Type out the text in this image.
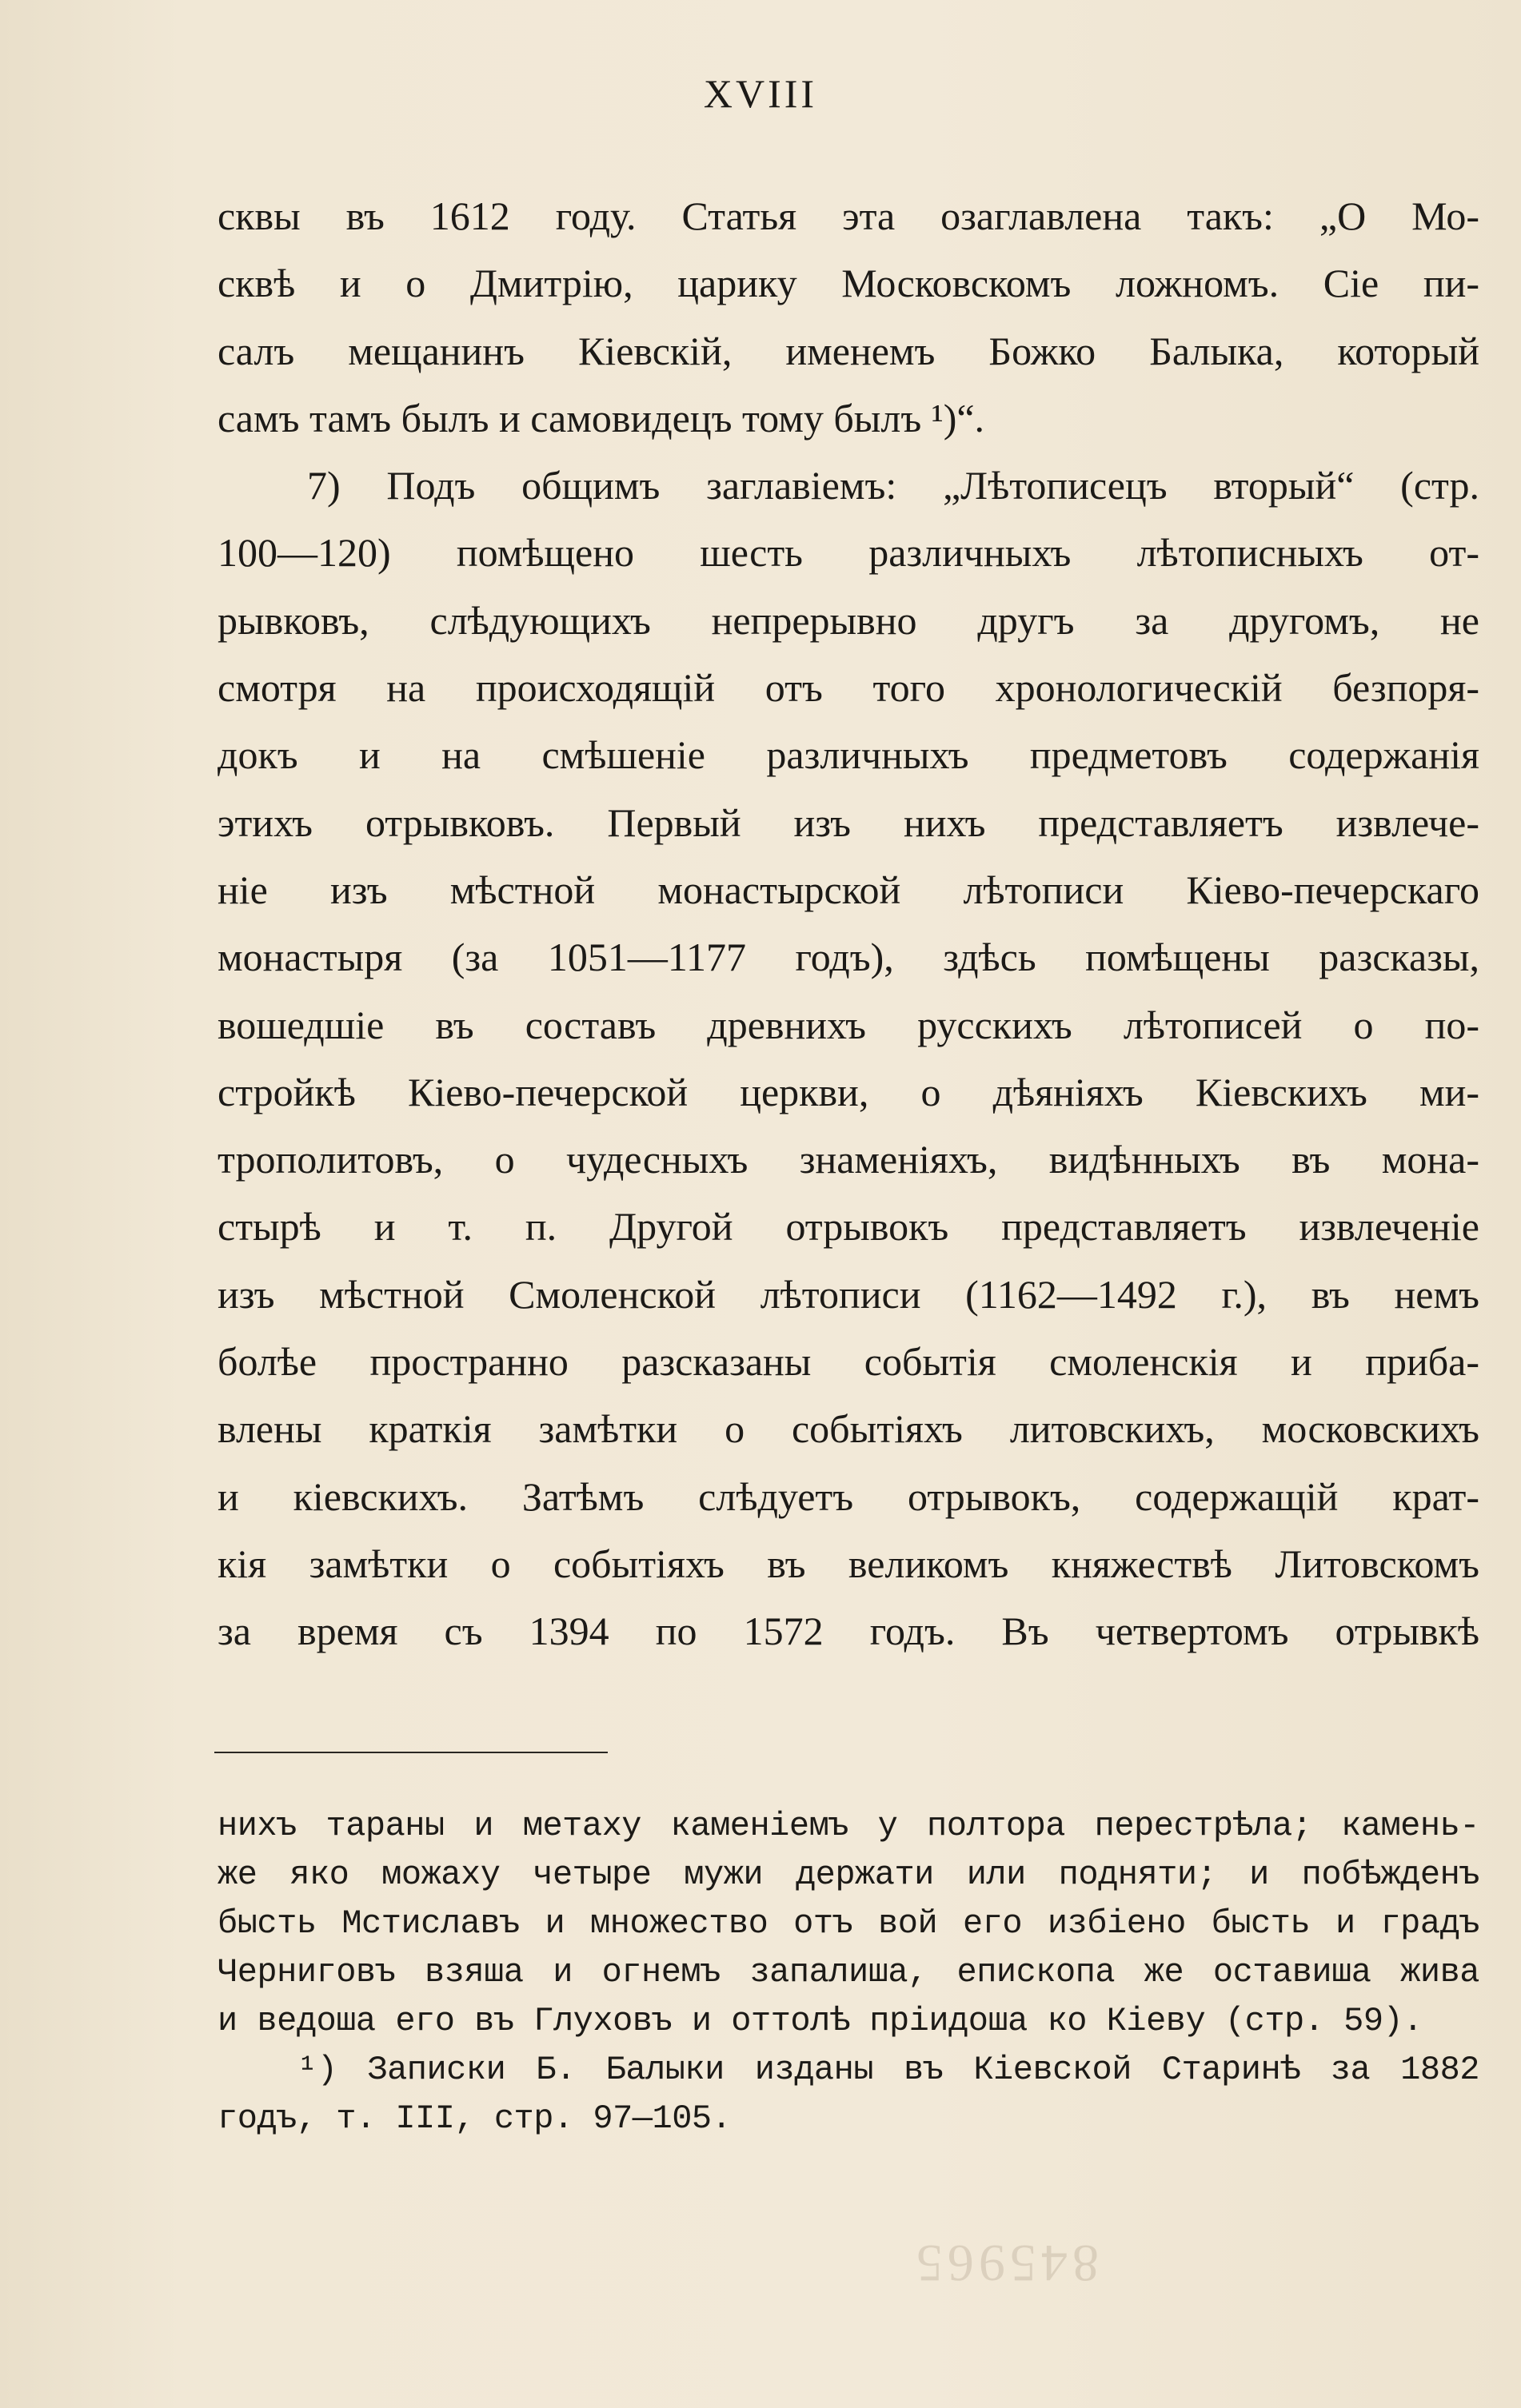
XVIII
сквы въ 1612 году. Статья эта озаглавлена такъ: „О Мо-
сквѣ и о Дмитрію, царику Московскомъ ложномъ. Сіе пи-
салъ мещанинъ Кіевскій, именемъ Божко Балыка, который
самъ тамъ былъ и самовидецъ тому былъ ¹)“.
7) Подъ общимъ заглавіемъ: „Лѣтописецъ вторый“ (стр.
100—120) помѣщено шесть различныхъ лѣтописныхъ от-
рывковъ, слѣдующихъ непрерывно другъ за другомъ, не
смотря на происходящій отъ того хронологическій безпоря-
докъ и на смѣшеніе различныхъ предметовъ содержанія
этихъ отрывковъ. Первый изъ нихъ представляетъ извлече-
ніе изъ мѣстной монастырской лѣтописи Кіево-печерскаго
монастыря (за 1051—1177 годъ), здѣсь помѣщены разсказы,
вошедшіе въ составъ древнихъ русскихъ лѣтописей о по-
стройкѣ Кіево-печерской церкви, о дѣяніяхъ Кіевскихъ ми-
трополитовъ, о чудесныхъ знаменіяхъ, видѣнныхъ въ мона-
стырѣ и т. п. Другой отрывокъ представляетъ извлеченіе
изъ мѣстной Смоленской лѣтописи (1162—1492 г.), въ немъ
болѣе пространно разсказаны событія смоленскія и приба-
влены краткія замѣтки о событіяхъ литовскихъ, московскихъ
и кіевскихъ. Затѣмъ слѣдуетъ отрывокъ, содержащій крат-
кія замѣтки о событіяхъ въ великомъ княжествѣ Литовскомъ
за время съ 1394 по 1572 годъ. Въ четвертомъ отрывкѣ
нихъ тараны и метаху каменіемъ у полтора перестрѣла; камень-
же яко можаху четыре мужи держати или подняти; и побѣжденъ
бысть Мстиславъ и множество отъ вой его избіено бысть и градъ
Черниговъ взяша и огнемъ запалиша, епископа же оставиша жива
и ведоша его въ Глуховъ и оттолѣ пріидоша ко Кіеву (стр. 59).
¹) Записки Б. Балыки изданы въ Кіевской Старинѣ за 1882
годъ, т. III, стр. 97—105.
845965
